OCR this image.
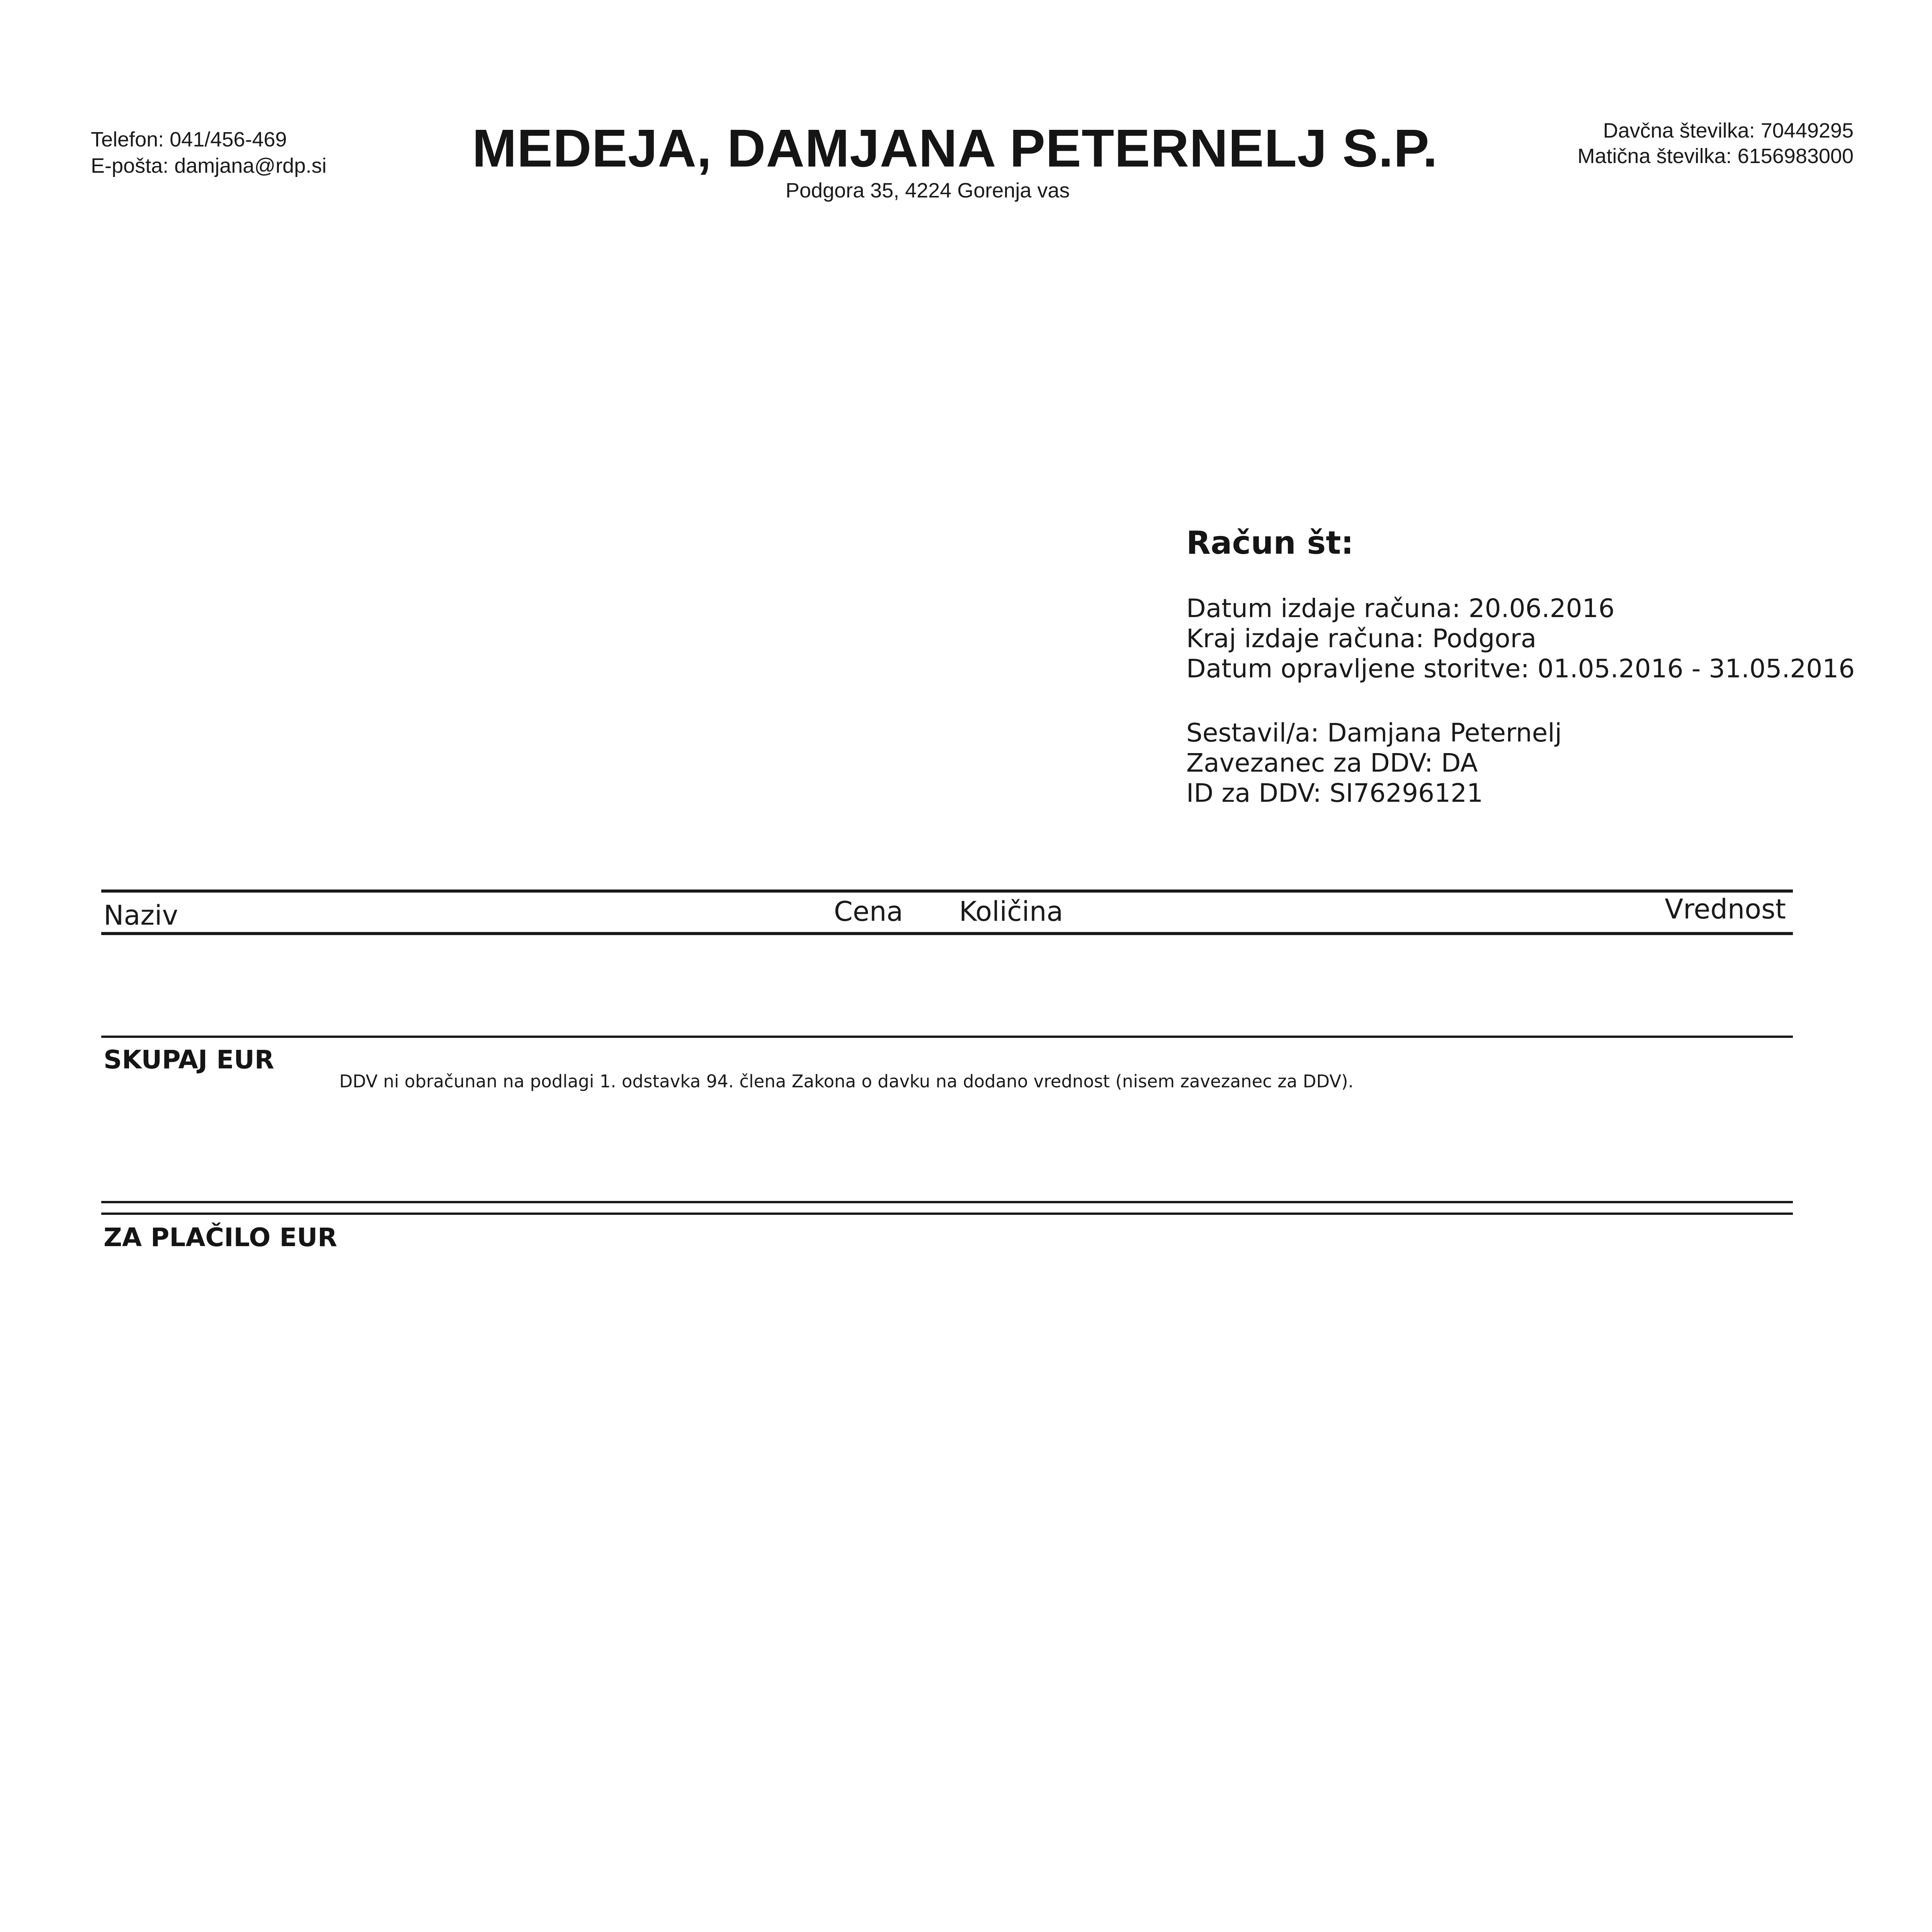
Telefon: 041/456-469
E-pošta: damjana@rdp.si	MEDEJA, DAMJANA PETERNELJ S.P.
Podgora 35, 4224 Gorenja vas
Davčna številka: 70449295
Matična številka: 6156983000
Račun št:
Datum izdaje računa: 20.06.2016
Kraj izdaje računa: Podgora
Datum opravljene storitve: 01.05.2016 - 31.05.2016
Sestavil/a: Damjana Peternelj
Zavezanec za DDV: DA
ID za DDV: SI76296121
Naziv	Cena Količina	Vrednost
SKUPAJ EUR
DDV ni obračunan na podlagi 1. odstavka 94. člena Zakona o davku na dodano vrednost (nisem zavezanec za DDV).
ZA PLAČILO EUR
